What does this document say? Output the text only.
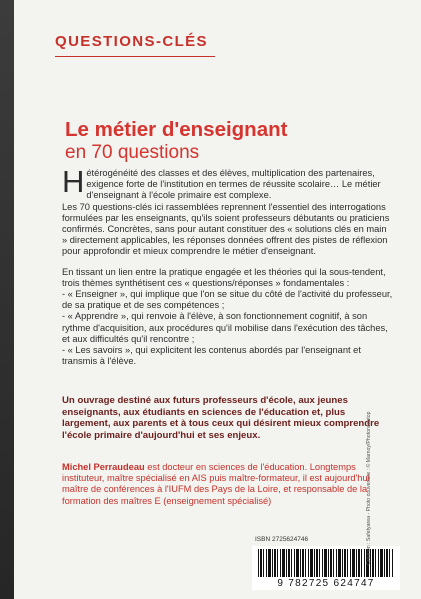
QUESTIONS-CLÉS
Le métier d'enseignant
en 70 questions

Hétérogénéité des classes et des élèves, multiplication des partenaires, exigence forte de l'institution en termes de réussite scolaire… Le métier d'enseignant à l'école primaire est complexe.

Les 70 questions-clés ici rassemblées reprennent l'essentiel des interrogations formulées par les enseignants, qu'ils soient professeurs débutants ou praticiens confirmés. Concrètes, sans pour autant constituer des « solutions clés en main » directement applicables, les réponses données offrent des pistes de réflexion pour approfondir et mieux comprendre le métier d'enseignant.

En tissant un lien entre la pratique engagée et les théories qui la sous-tendent, trois thèmes synthétisent ces « questions/réponses » fondamentales :

- « Enseigner », qui implique que l'on se situe du côté de l'activité du professeur, de sa pratique et de ses compétences ;

- « Apprendre », qui renvoie à l'élève, à son fonctionnement cognitif, à son rythme d'acquisition, aux procédures qu'il mobilise dans l'exécution des tâches, et aux difficultés qu'il rencontre ;

- « Les savoirs », qui explicitent les contenus abordés par l'enseignant et transmis à l'élève.

Un ouvrage destiné aux futurs professeurs d'école, aux jeunes enseignants, aux étudiants en sciences de l'éducation et, plus largement, aux parents et à tous ceux qui désirent mieux comprendre l'école primaire d'aujourd'hui et ses enjeux.
Michel Perraudeau est docteur en sciences de l'éducation. Longtemps instituteur, maître spécialisé en AIS puis maître-formateur, il est aujourd'hui maître de conférences à l'IUFM des Pays de la Loire, et responsable de la formation des maîtres E (enseignement spécialisé)
ISBN 2725624746
9 782725 624747
Création : Safetyarea - Photo couverture : © Marnoy/Photononstop
